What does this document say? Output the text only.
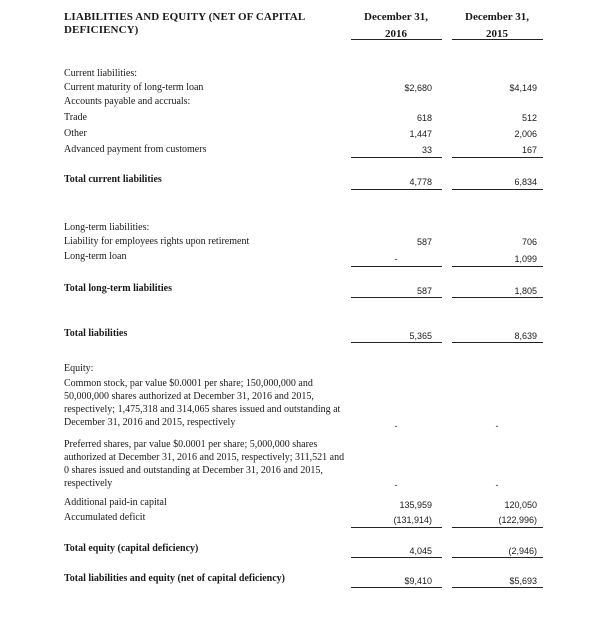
LIABILITIES AND EQUITY (NET OF CAPITAL DEFICIENCY)
December 31,
2016
December 31,
2015
Current liabilities:
Current maturity of long-term loan	$2,680	$4,149
Accounts payable and accruals:
Trade	618	512
Other	1,447	2,006
Advanced payment from customers	33	167
Total current liabilities	4,778	6,834
Long-term liabilities:
Liability for employees rights upon retirement	587	706
Long-term loan	-	1,099
Total long-term liabilities	587	1,805
Total liabilities	5,365	8,639
Equity:
Common stock, par value $0.0001 per share; 150,000,000 and 50,000,000 shares authorized at December 31, 2016 and 2015, respectively; 1,475,318 and 314,065 shares issued and outstanding at December 31, 2016 and 2015, respectively	-	-
Preferred shares, par value $0.0001 per share; 5,000,000 shares authorized at December 31, 2016 and 2015, respectively; 311,521 and 0 shares issued and outstanding at December 31, 2016 and 2015, respectively	-	-
Additional paid-in capital	135,959	120,050
Accumulated deficit	(131,914)	(122,996)
Total equity (capital deficiency)	4,045	(2,946)
Total liabilities and equity (net of capital deficiency)	$9,410	$5,693
